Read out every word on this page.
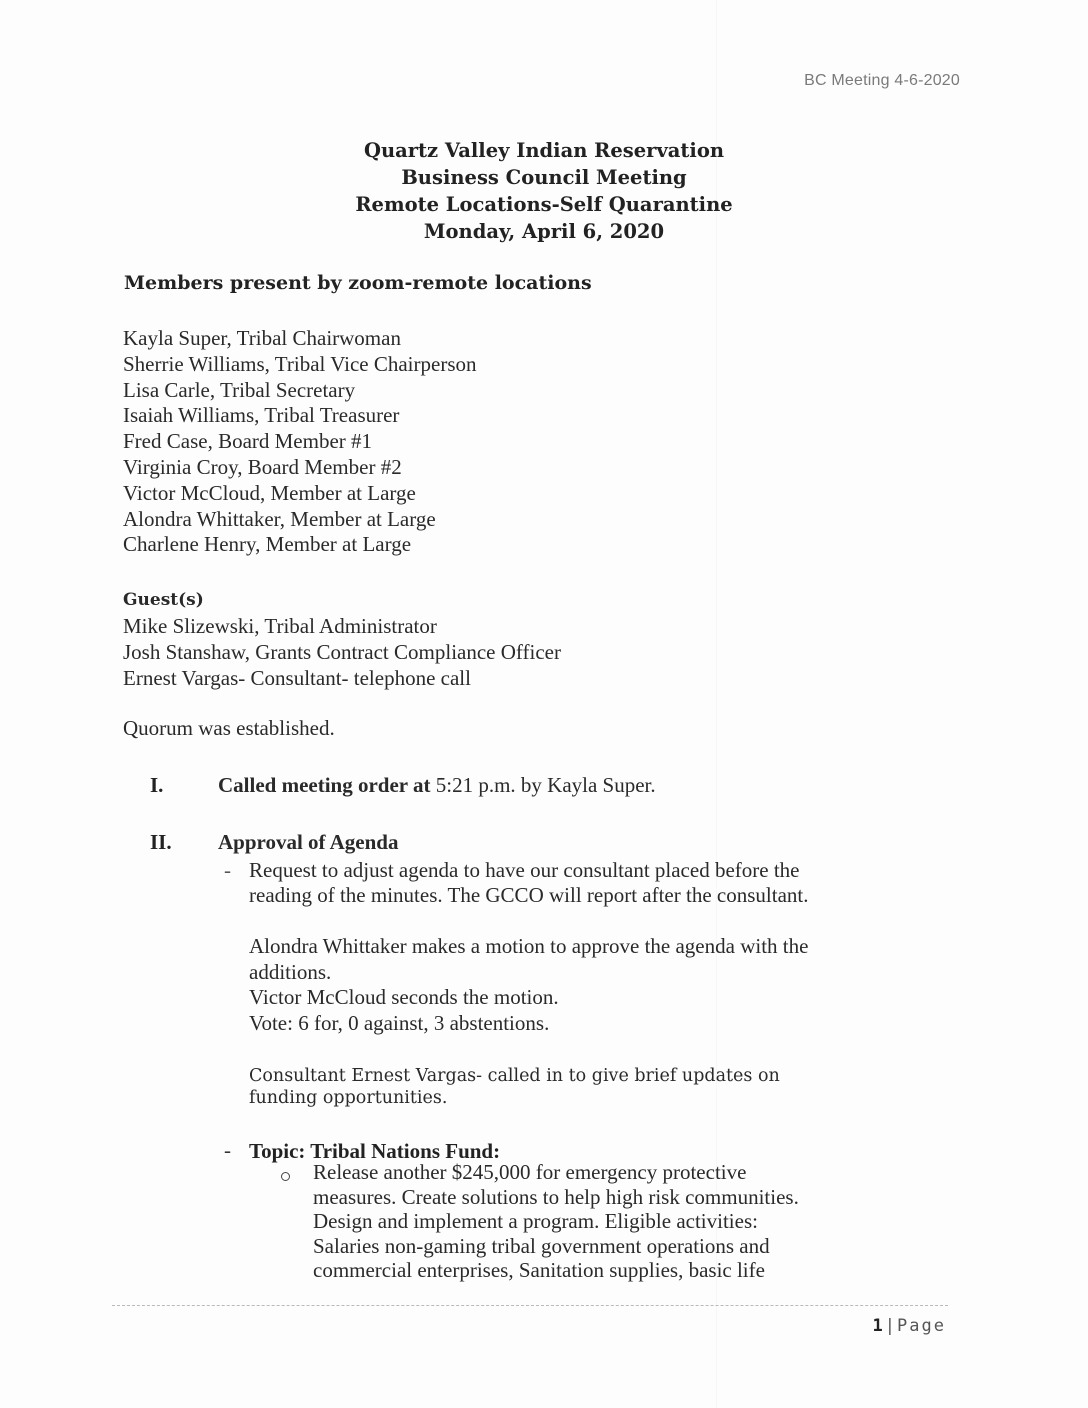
BC Meeting 4-6-2020
Quartz Valley Indian Reservation
Business Council Meeting
Remote Locations-Self Quarantine
Monday, April 6, 2020
Members present by zoom-remote locations
Kayla Super, Tribal Chairwoman
Sherrie Williams, Tribal Vice Chairperson
Lisa Carle, Tribal Secretary
Isaiah Williams, Tribal Treasurer
Fred Case, Board Member #1
Virginia Croy, Board Member #2
Victor McCloud, Member at Large
Alondra Whittaker, Member at Large
Charlene Henry, Member at Large
Guest(s)
Mike Slizewski, Tribal Administrator
Josh Stanshaw, Grants Contract Compliance Officer
Ernest Vargas- Consultant- telephone call
Quorum was established.
I.	Called meeting order at 5:21 p.m. by Kayla Super.
II. Approval of Agenda
- Request to adjust agenda to have our consultant placed before the
reading of the minutes. The GCCO will report after the consultant.
Alondra Whittaker makes a motion to approve the agenda with the
additions.
Victor McCloud seconds the motion.
Vote: 6 for, 0 against, 3 abstentions.
Consultant Ernest Vargas- called in to give brief updates on
funding opportunities.
- Topic: Tribal Nations Fund:
Release another $245,000 for emergency protective
measures. Create solutions to help high risk communities.
Design and implement a program. Eligible activities:
Salaries non-gaming tribal government operations and
commercial enterprises, Sanitation supplies, basic life
1|Page
